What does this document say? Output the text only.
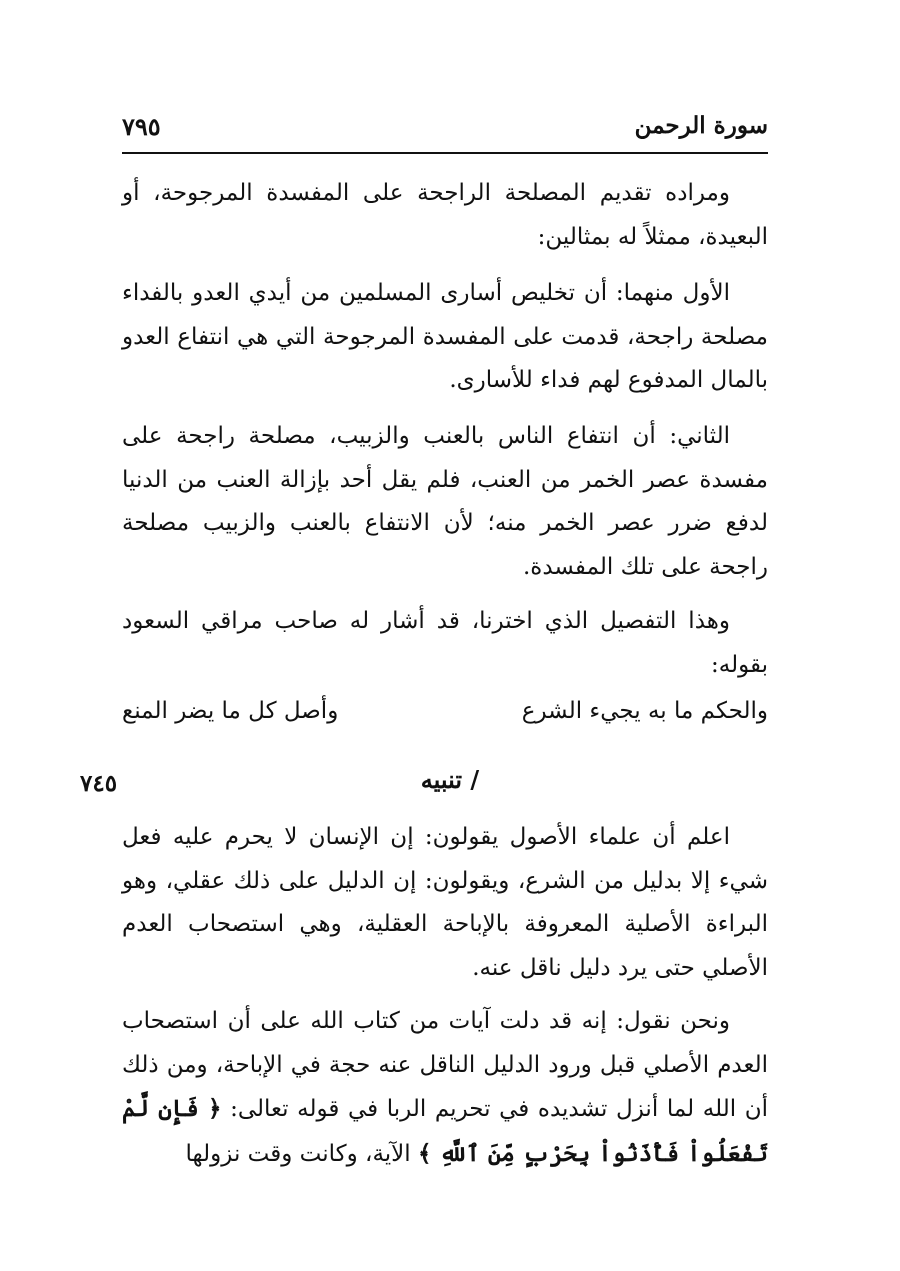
سورة الرحمن
٧٩٥

ومراده تقديم المصلحة الراجحة على المفسدة المرجوحة، أو البعيدة، ممثلاً له بمثالين:

الأول منهما: أن تخليص أسارى المسلمين من أيدي العدو بالفداء مصلحة راجحة، قدمت على المفسدة المرجوحة التي هي انتفاع العدو بالمال المدفوع لهم فداء للأسارى.

الثاني: أن انتفاع الناس بالعنب والزبيب، مصلحة راجحة على مفسدة عصر الخمر من العنب، فلم يقل أحد بإزالة العنب من الدنيا لدفع ضرر عصر الخمر منه؛ لأن الانتفاع بالعنب والزبيب مصلحة راجحة على تلك المفسدة.

وهذا التفصيل الذي اخترنا، قد أشار له صاحب مراقي السعود بقوله:

والحكم ما به يجيء الشرع
وأصل كل ما يضر المنع
/ تنبيه
٧٤٥

اعلم أن علماء الأصول يقولون: إن الإنسان لا يحرم عليه فعل شيء إلا بدليل من الشرع، ويقولون: إن الدليل على ذلك عقلي، وهو البراءة الأصلية المعروفة بالإباحة العقلية، وهي استصحاب العدم الأصلي حتى يرد دليل ناقل عنه.

ونحن نقول: إنه قد دلت آيات من كتاب الله على أن استصحاب العدم الأصلي قبل ورود الدليل الناقل عنه حجة في الإباحة، ومن ذلك أن الله لما أنزل تشديده في تحريم الربا في قوله تعالى: ﴿ فَإِن لَّمْ تَفْعَلُواْ فَأْذَنُواْ بِحَرْبٍ مِّنَ ٱللَّهِ ﴾ الآية، وكانت وقت نزولها
